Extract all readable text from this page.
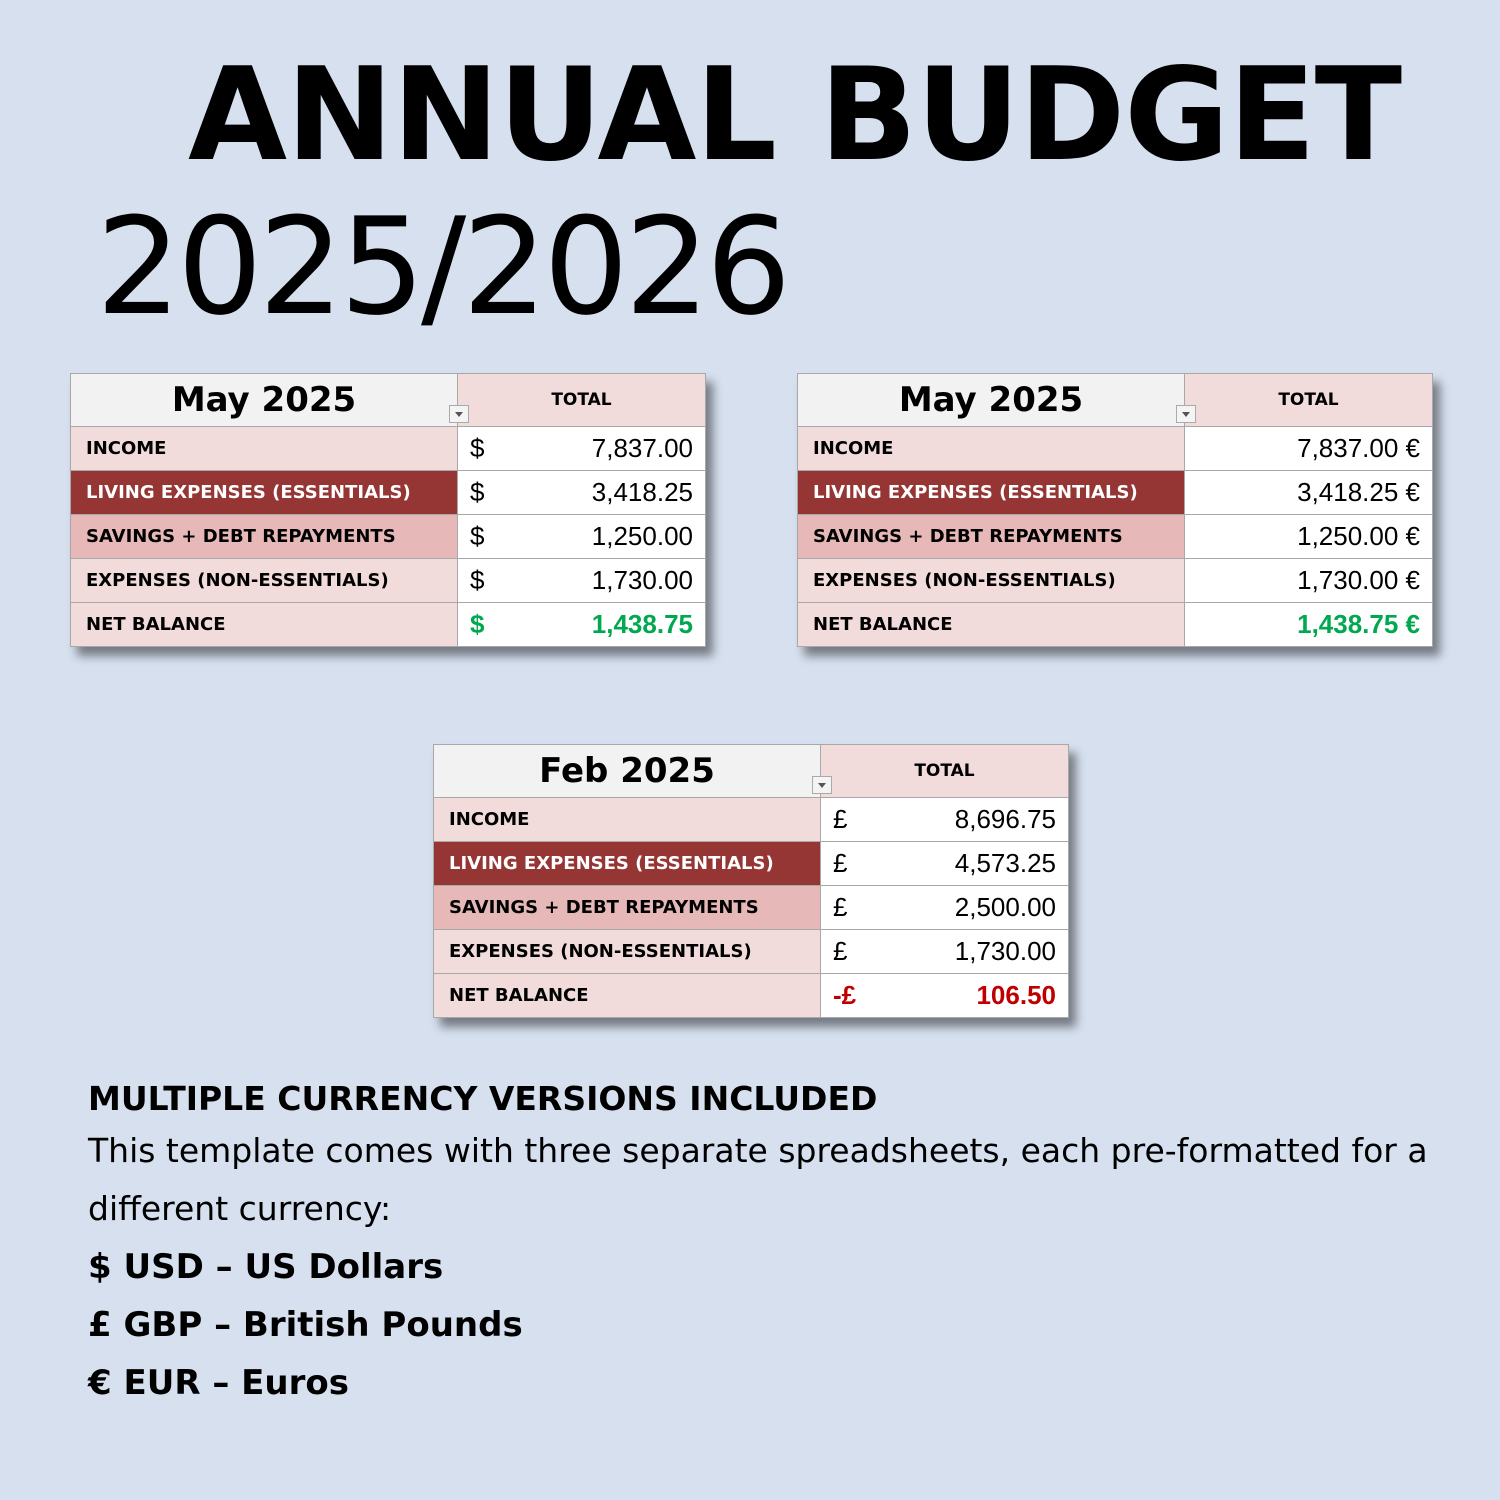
ANNUAL BUDGET
2025/2026
May 2025	TOTAL
INCOME	$	7,837.00
LIVING EXPENSES (ESSENTIALS)	$	3,418.25
SAVINGS + DEBT REPAYMENTS	$	1,250.00
EXPENSES (NON-ESSENTIALS)	$	1,730.00
NET BALANCE	$	1,438.75
May 2025	TOTAL
INCOME	7,837.00 €
LIVING EXPENSES (ESSENTIALS)	3,418.25 €
SAVINGS + DEBT REPAYMENTS	1,250.00 €
EXPENSES (NON-ESSENTIALS)	1,730.00 €
NET BALANCE	1,438.75 €
Feb 2025	TOTAL
INCOME	£	8,696.75
LIVING EXPENSES (ESSENTIALS)	£	4,573.25
SAVINGS + DEBT REPAYMENTS	£	2,500.00
EXPENSES (NON-ESSENTIALS)	£	1,730.00
NET BALANCE	-£	106.50
MULTIPLE CURRENCY VERSIONS INCLUDED
This template comes with three separate spreadsheets, each pre-formatted for a different currency:
$ USD – US Dollars
£ GBP – British Pounds
€ EUR – Euros
